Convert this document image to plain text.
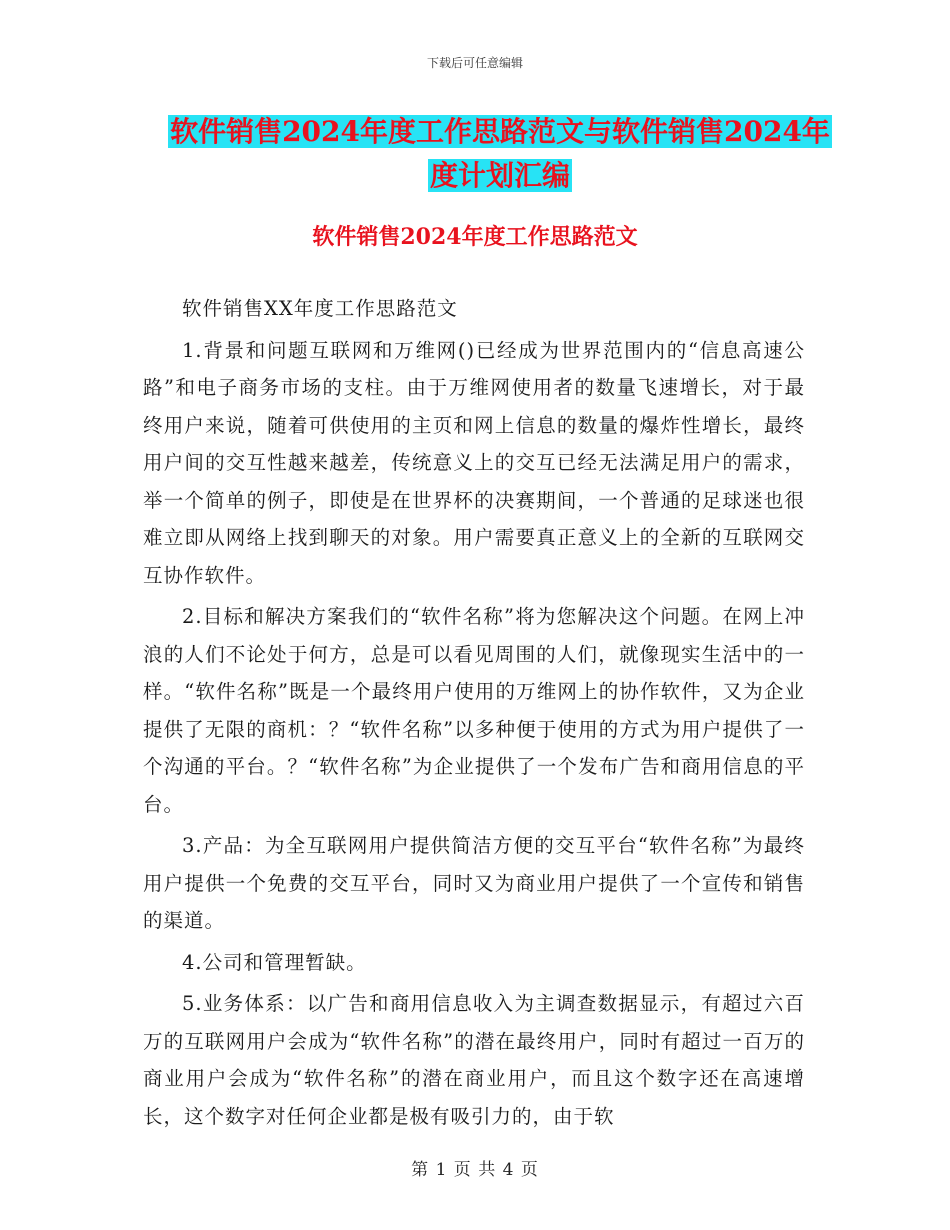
下载后可任意编辑
软件销售2024年度工作思路范文与软件销售2024年
度计划汇编
软件销售2024年度工作思路范文

软件销售XX年度工作思路范文

1.背景和问题互联网和万维网()已经成为世界范围内的“信息高速公路”和电子商务市场的支柱。由于万维网使用者的数量飞速增长，对于最终用户来说，随着可供使用的主页和网上信息的数量的爆炸性增长，最终用户间的交互性越来越差，传统意义上的交互已经无法满足用户的需求，举一个简单的例子，即使是在世界杯的决赛期间，一个普通的足球迷也很难立即从网络上找到聊天的对象。用户需要真正意义上的全新的互联网交互协作软件。

2.目标和解决方案我们的“软件名称”将为您解决这个问题。在网上冲浪的人们不论处于何方，总是可以看见周围的人们，就像现实生活中的一样。“软件名称”既是一个最终用户使用的万维网上的协作软件，又为企业提供了无限的商机：？“软件名称”以多种便于使用的方式为用户提供了一个沟通的平台。？“软件名称”为企业提供了一个发布广告和商用信息的平台。

3.产品：为全互联网用户提供简洁方便的交互平台“软件名称”为最终用户提供一个免费的交互平台，同时又为商业用户提供了一个宣传和销售的渠道。

4.公司和管理暂缺。

5.业务体系：以广告和商用信息收入为主调查数据显示，有超过六百万的互联网用户会成为“软件名称”的潜在最终用户，同时有超过一百万的商业用户会成为“软件名称”的潜在商业用户，而且这个数字还在高速增长，这个数字对任何企业都是极有吸引力的，由于软

第 1 页 共 4 页
